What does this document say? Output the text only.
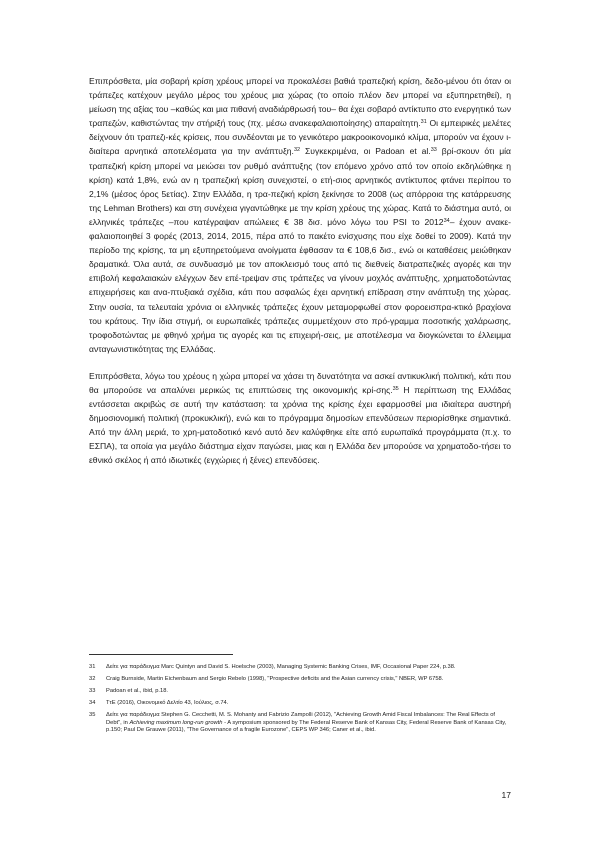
Επιπρόσθετα, μία σοβαρή κρίση χρέους μπορεί να προκαλέσει βαθιά τραπεζική κρίση, δεδο-μένου ότι όταν οι τράπεζες κατέχουν μεγάλο μέρος του χρέους μια χώρας (το οποίο πλέον δεν μπορεί να εξυπηρετηθεί), η μείωση της αξίας του –καθώς και μια πιθανή αναδιάρθρωσή του– θα έχει σοβαρό αντίκτυπο στο ενεργητικό των τραπεζών, καθιστώντας την στήριξή τους (πχ. μέσω ανακεφαλαιοποίησης) απαραίτητη.$^{31}$ Οι εμπειρικές μελέτες δείχνουν ότι τραπεζι-κές κρίσεις, που συνδέονται με το γενικότερο μακροοικονομικό κλίμα, μπορούν να έχουν ι-διαίτερα αρνητικά αποτελέσματα για την ανάπτυξη.$^{32}$ Συγκεκριμένα, οι Padoan et al.$^{33}$ βρί-σκουν ότι μία τραπεζική κρίση μπορεί να μειώσει τον ρυθμό ανάπτυξης (τον επόμενο χρόνο από τον οποίο εκδηλώθηκε η κρίση) κατά 1,8%, ενώ αν η τραπεζική κρίση συνεχιστεί, ο ετή-σιος αρνητικός αντίκτυπος φτάνει περίπου το 2,1% (μέσος όρος 5ετίας). Στην Ελλάδα, η τρα-πεζική κρίση ξεκίνησε το 2008 (ως απόρροια της κατάρρευσης της Lehman Brothers) και στη συνέχεια γιγαντώθηκε με την κρίση χρέους της χώρας. Κατά το διάστημα αυτό, οι ελληνικές τράπεζες –που κατέγραψαν απώλειες € 38 δισ. μόνο λόγω του PSI το 2012$^{34}$– έχουν ανακε-φαλαιοποιηθεί 3 φορές (2013, 2014, 2015, πέρα από το πακέτο ενίσχυσης που είχε δοθεί το 2009). Κατά την περίοδο της κρίσης, τα μη εξυπηρετούμενα ανοίγματα έφθασαν τα € 108,6 δισ., ενώ οι καταθέσεις μειώθηκαν δραματικά. Όλα αυτά, σε συνδυασμό με τον αποκλεισμό τους από τις διεθνείς διατραπεζικές αγορές και την επιβολή κεφαλαιακών ελέγχων δεν επέ-τρεψαν στις τράπεζες να γίνουν μοχλός ανάπτυξης, χρηματοδοτώντας επιχειρήσεις και ανα-πτυξιακά σχέδια, κάτι που ασφαλώς έχει αρνητική επίδραση στην ανάπτυξη της χώρας. Στην ουσία, τα τελευταία χρόνια οι ελληνικές τράπεζες έχουν μεταμορφωθεί στον φοροεισπρα-κτικό βραχίονα του κράτους. Την ίδια στιγμή, οι ευρωπαϊκές τράπεζες συμμετέχουν στο πρό-γραμμα ποσοτικής χαλάρωσης, τροφοδοτώντας με φθηνό χρήμα τις αγορές και τις επιχειρή-σεις, με αποτέλεσμα να διογκώνεται το έλλειμμα ανταγωνιστικότητας της Ελλάδας.

Επιπρόσθετα, λόγω του χρέους η χώρα μπορεί να χάσει τη δυνατότητα να ασκεί αντικυκλική πολιτική, κάτι που θα μπορούσε να απαλύνει μερικώς τις επιπτώσεις της οικονομικής κρί-σης.$^{35}$ Η περίπτωση της Ελλάδας εντάσσεται ακριβώς σε αυτή την κατάσταση: τα χρόνια της κρίσης έχει εφαρμοσθεί μια ιδιαίτερα αυστηρή δημοσιονομική πολιτική (προκυκλική), ενώ και το πρόγραμμα δημοσίων επενδύσεων περιορίσθηκε σημαντικά. Από την άλλη μεριά, το χρη-ματοδοτικό κενό αυτό δεν καλύφθηκε είτε από ευρωπαϊκά προγράμματα (π.χ. το ΕΣΠΑ), τα οποία για μεγάλο διάστημα είχαν παγώσει, μιας και η Ελλάδα δεν μπορούσε να χρηματοδο-τήσει το εθνικό σκέλος ή από ιδιωτικές (εγχώριες ή ξένες) επενδύσεις.

31	Δείτε για παράδειγμα Marc Quintyn and David S. Hoelsche (2003), Managing Systemic Banking Crises, IMF, Occasional Paper 224, p.38.
32	Craig Burnside, Martin Eichenbaum and Sergio Rebelo (1998), "Prospective deficits and the Asian currency crisis," NBER, WP 6758.
33	Padoan et al., ibid, p.18.
34	ΤτΕ (2016), Οικονομικό Δελτίο 43, Ιούλιος, σ.74.
35	Δείτε για παράδειγμα Stephen G. Cecchetti, M. S. Mohanty and Fabrizio Zampolli (2012), "Achieving Growth Amid Fiscal Imbalances: The Real Effects of Debt", in Achieving maximum long-run growth - A symposium sponsored by The Federal Reserve Bank of Kansas City, Federal Reserve Bank of Kansas City, p.150; Paul De Grauwe (2011), "The Governance of a fragile Eurozone", CEPS WP 346; Caner et al., ibid.
17
